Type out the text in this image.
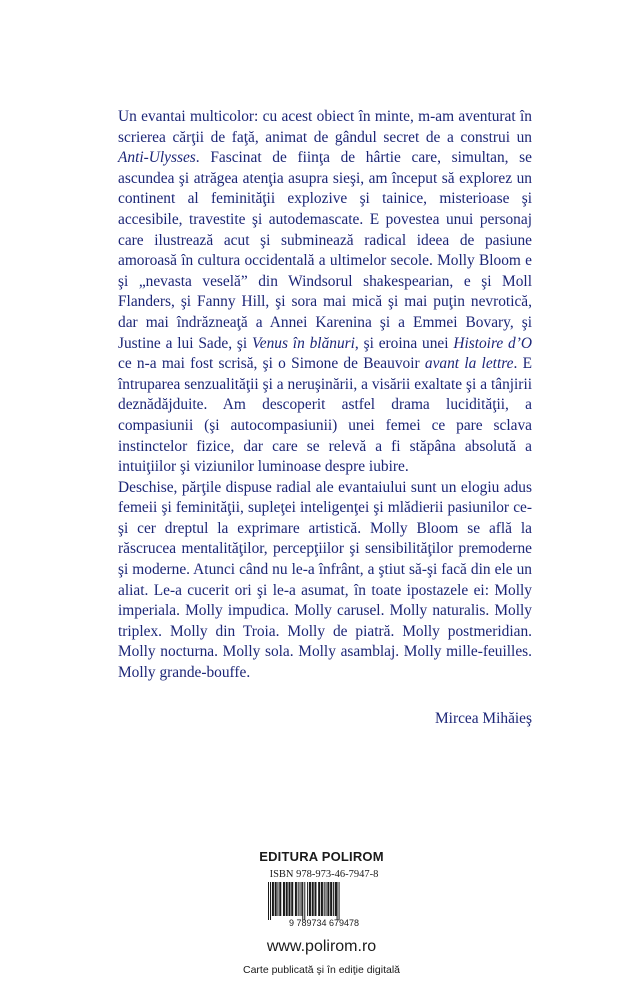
Un evantai multicolor: cu acest obiect în minte, m-am aventurat în scrierea cărţii de faţă, animat de gândul secret de a construi un Anti-Ulysses. Fascinat de fiinţa de hârtie care, simultan, se ascundea şi atrăgea atenţia asupra sieşi, am început să explorez un continent al feminităţii explozive şi tainice, misterioase şi accesibile, travestite şi autodemascate. E povestea unui personaj care ilustrează acut şi subminează radical ideea de pasiune amoroasă în cultura occidentală a ultimelor secole. Molly Bloom e şi „nevasta veselă” din Windsorul shakespearian, e şi Moll Flanders, şi Fanny Hill, şi sora mai mică şi mai puţin nevrotică, dar mai îndrăzneaţă a Annei Karenina şi a Emmei Bovary, şi Justine a lui Sade, şi Venus în blănuri, şi eroina unei Histoire d’O ce n-a mai fost scrisă, şi o Simone de Beauvoir avant la lettre. E întruparea senzualităţii şi a neruşinării, a visării exaltate şi a tânjirii deznădăjduite. Am descoperit astfel drama lucidităţii, a compasiunii (şi autocompasiunii) unei femei ce pare sclava instinctelor fizice, dar care se relevă a fi stăpâna absolută a intuiţiilor şi viziunilor luminoase despre iubire.

Deschise, părţile dispuse radial ale evantaiului sunt un elogiu adus femeii şi feminităţii, supleţei inteligenţei şi mlădierii pasiunilor ce-şi cer dreptul la exprimare artistică. Molly Bloom se află la răscrucea mentalităţilor, percepţiilor şi sensibilităţilor premoderne şi moderne. Atunci când nu le-a înfrânt, a ştiut să-şi facă din ele un aliat. Le-a cucerit ori şi le-a asumat, în toate ipostazele ei: Molly imperiala. Molly impudica. Molly carusel. Molly naturalis. Molly triplex. Molly din Troia. Molly de piatră. Molly postmeridian. Molly nocturna. Molly sola. Molly asamblaj. Molly mille-feuilles. Molly grande-bouffe.

Mircea Mihăieş
EDITURA POLIROM
ISBN 978-973-46-7947-8
9 789734 679478
www.polirom.ro
Carte publicată şi în ediţie digitală
